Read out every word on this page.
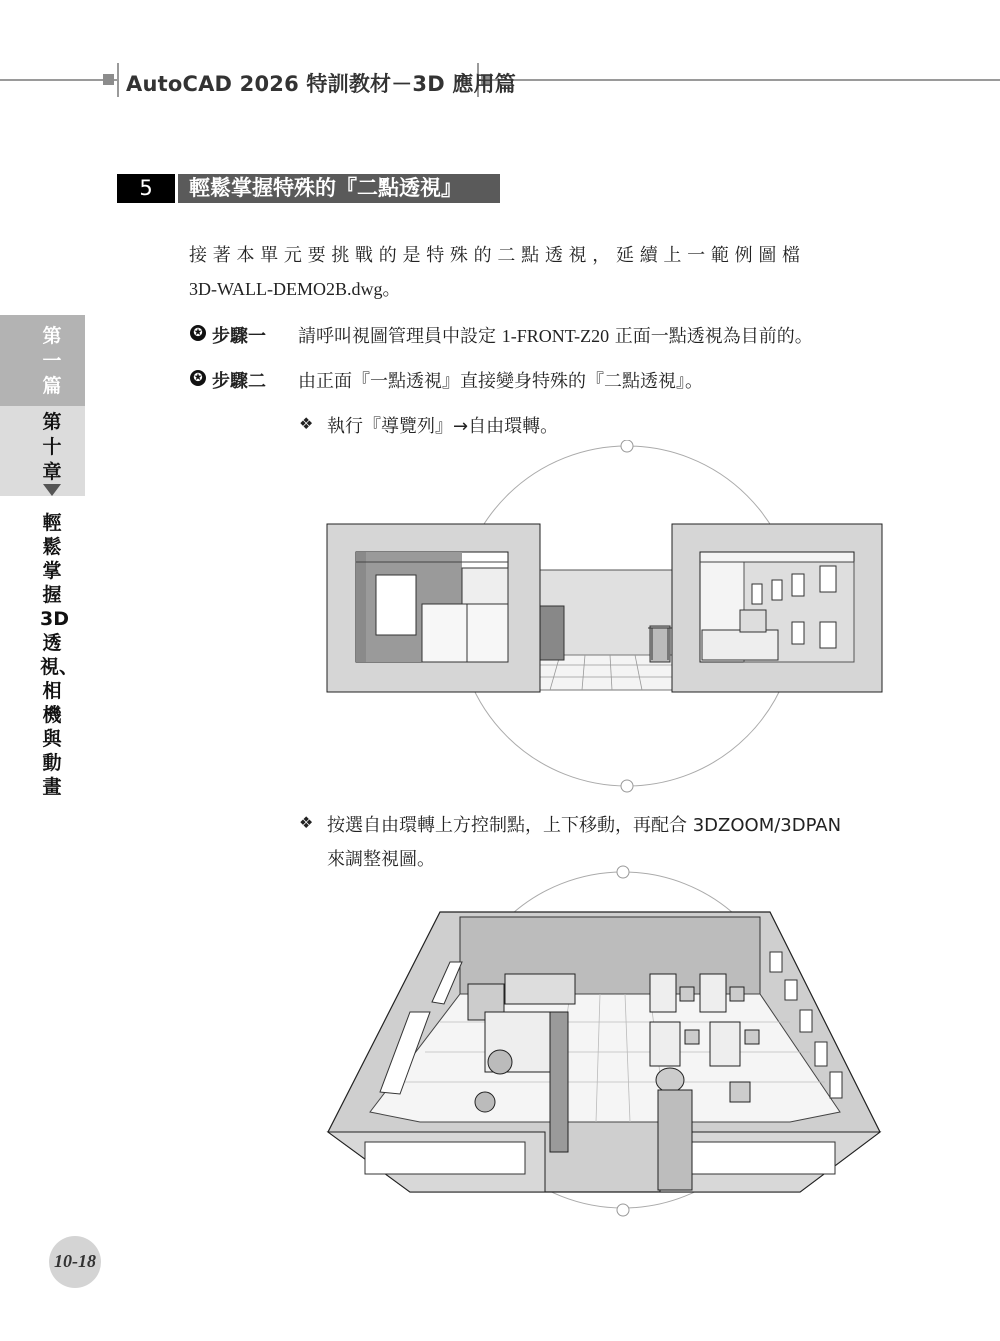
AutoCAD 2026 特訓教材－3D 應用篇
第一篇
第十章
輕鬆掌握 3D 透視、相機與動畫
5	輕鬆掌握特殊的『二點透視』
接 著 本 單 元 要 挑 戰 的 是 特 殊 的 二 點 透 視 ， 延 續 上 一 範 例 圖 檔
3D-WALL-DEMO2B.dwg。
✪ 步驟一 請呼叫視圖管理員中設定 1-FRONT-Z20 正面一點透視為目前的。
✪ 步驟二 由正面『一點透視』直接變身特殊的『二點透視』。
❖ 執行『導覽列』→自由環轉。
❖ 按選自由環轉上方控制點，上下移動，再配合 3DZOOM/3DPAN
來調整視圖。
10-18
